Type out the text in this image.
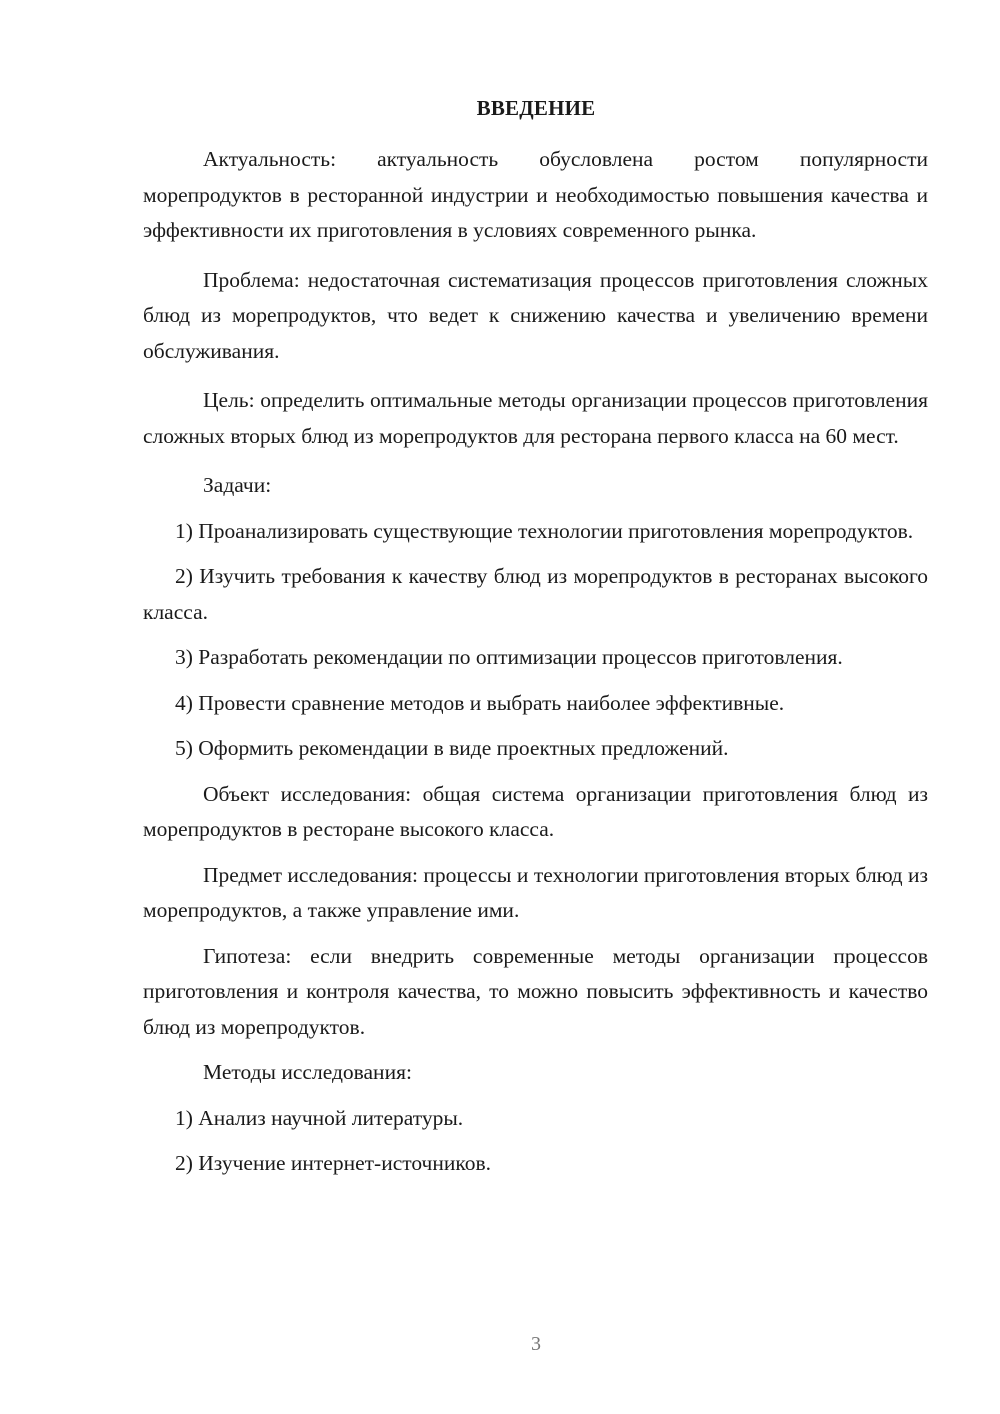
ВВЕДЕНИЕ

Актуальность: актуальность обусловлена ростом популярности морепродуктов в ресторанной индустрии и необходимостью повышения качества и эффективности их приготовления в условиях современного рынка.

Проблема: недостаточная систематизация процессов приготовления сложных блюд из морепродуктов, что ведет к снижению качества и увеличению времени обслуживания.

Цель: определить оптимальные методы организации процессов приготовления сложных вторых блюд из морепродуктов для ресторана первого класса на 60 мест.

Задачи:

1) Проанализировать существующие технологии приготовления морепродуктов.

2) Изучить требования к качеству блюд из морепродуктов в ресторанах высокого класса.

3) Разработать рекомендации по оптимизации процессов приготовления.

4) Провести сравнение методов и выбрать наиболее эффективные.

5) Оформить рекомендации в виде проектных предложений.

Объект исследования: общая система организации приготовления блюд из морепродуктов в ресторане высокого класса.

Предмет исследования: процессы и технологии приготовления вторых блюд из морепродуктов, а также управление ими.

Гипотеза: если внедрить современные методы организации процессов приготовления и контроля качества, то можно повысить эффективность и качество блюд из морепродуктов.

Методы исследования:

1) Анализ научной литературы.

2) Изучение интернет-источников.

3
